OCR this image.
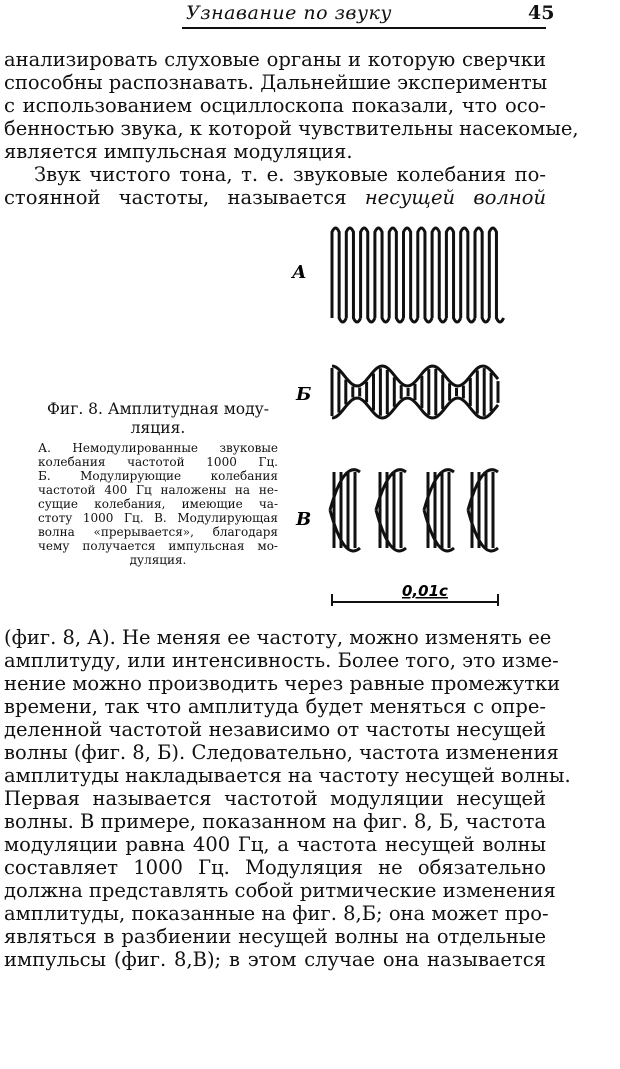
Узнавание по звуку	45
анализировать слуховые органы и которую сверчки
способны распознавать. Дальнейшие эксперименты
с использованием осциллоскопа показали, что осо-
бенностью звука, к которой чувствительны насекомые,
является импульсная модуляция.
Звук чистого тона, т. е. звуковые колебания по-
стоянной частоты, называется несущей волной
А
Б
В
0,01с
Фиг. 8. Амплитудная моду-
ляция.
А. Немодулированные звуковые
колебания частотой 1000 Гц.
Б. Модулирующие колебания
частотой 400 Гц наложены на не-
сущие колебания, имеющие ча-
стоту 1000 Гц. В. Модулирующая
волна «прерывается», благодаря
чему получается импульсная мо-
дуляция.
(фиг. 8, А). Не меняя ее частоту, можно изменять ее
амплитуду, или интенсивность. Более того, это изме-
нение можно производить через равные промежутки
времени, так что амплитуда будет меняться с опре-
деленной частотой независимо от частоты несущей
волны (фиг. 8, Б). Следовательно, частота изменения
амплитуды накладывается на частоту несущей волны.
Первая называется частотой модуляции несущей
волны. В примере, показанном на фиг. 8, Б, частота
модуляции равна 400 Гц, а частота несущей волны
составляет 1000 Гц. Модуляция не обязательно
должна представлять собой ритмические изменения
амплитуды, показанные на фиг. 8,Б; она может про-
являться в разбиении несущей волны на отдельные
импульсы (фиг. 8,В); в этом случае она называется
